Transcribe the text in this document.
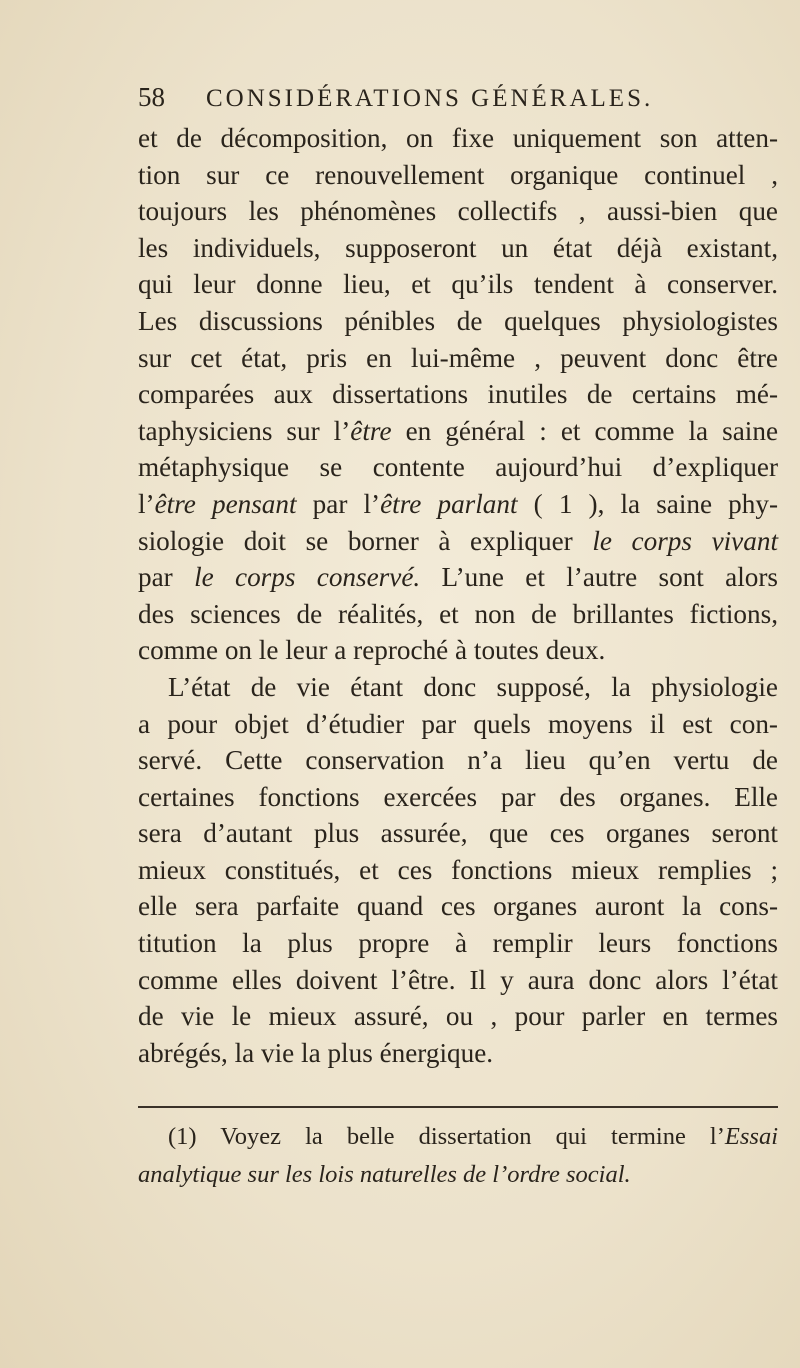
58 CONSIDÉRATIONS GÉNÉRALES.
et de décomposition, on fixe uniquement son atten-
tion sur ce renouvellement organique continuel ,
toujours les phénomènes collectifs , aussi-bien que
les individuels, supposeront un état déjà existant,
qui leur donne lieu, et qu’ils tendent à conserver.
Les discussions pénibles de quelques physiologistes
sur cet état, pris en lui-même , peuvent donc être
comparées aux dissertations inutiles de certains mé-
taphysiciens sur l’être en général : et comme la saine
métaphysique se contente aujourd’hui d’expliquer
l’être pensant par l’être parlant ( 1 ), la saine phy-
siologie doit se borner à expliquer le corps vivant
par le corps conservé. L’une et l’autre sont alors
des sciences de réalités, et non de brillantes fictions,
comme on le leur a reproché à toutes deux.
L’état de vie étant donc supposé, la physiologie
a pour objet d’étudier par quels moyens il est con-
servé. Cette conservation n’a lieu qu’en vertu de
certaines fonctions exercées par des organes. Elle
sera d’autant plus assurée, que ces organes seront
mieux constitués, et ces fonctions mieux remplies ;
elle sera parfaite quand ces organes auront la cons-
titution la plus propre à remplir leurs fonctions
comme elles doivent l’être. Il y aura donc alors l’état
de vie le mieux assuré, ou , pour parler en termes
abrégés, la vie la plus énergique.
(1) Voyez la belle dissertation qui termine l’Essai
analytique sur les lois naturelles de l’ordre social.
